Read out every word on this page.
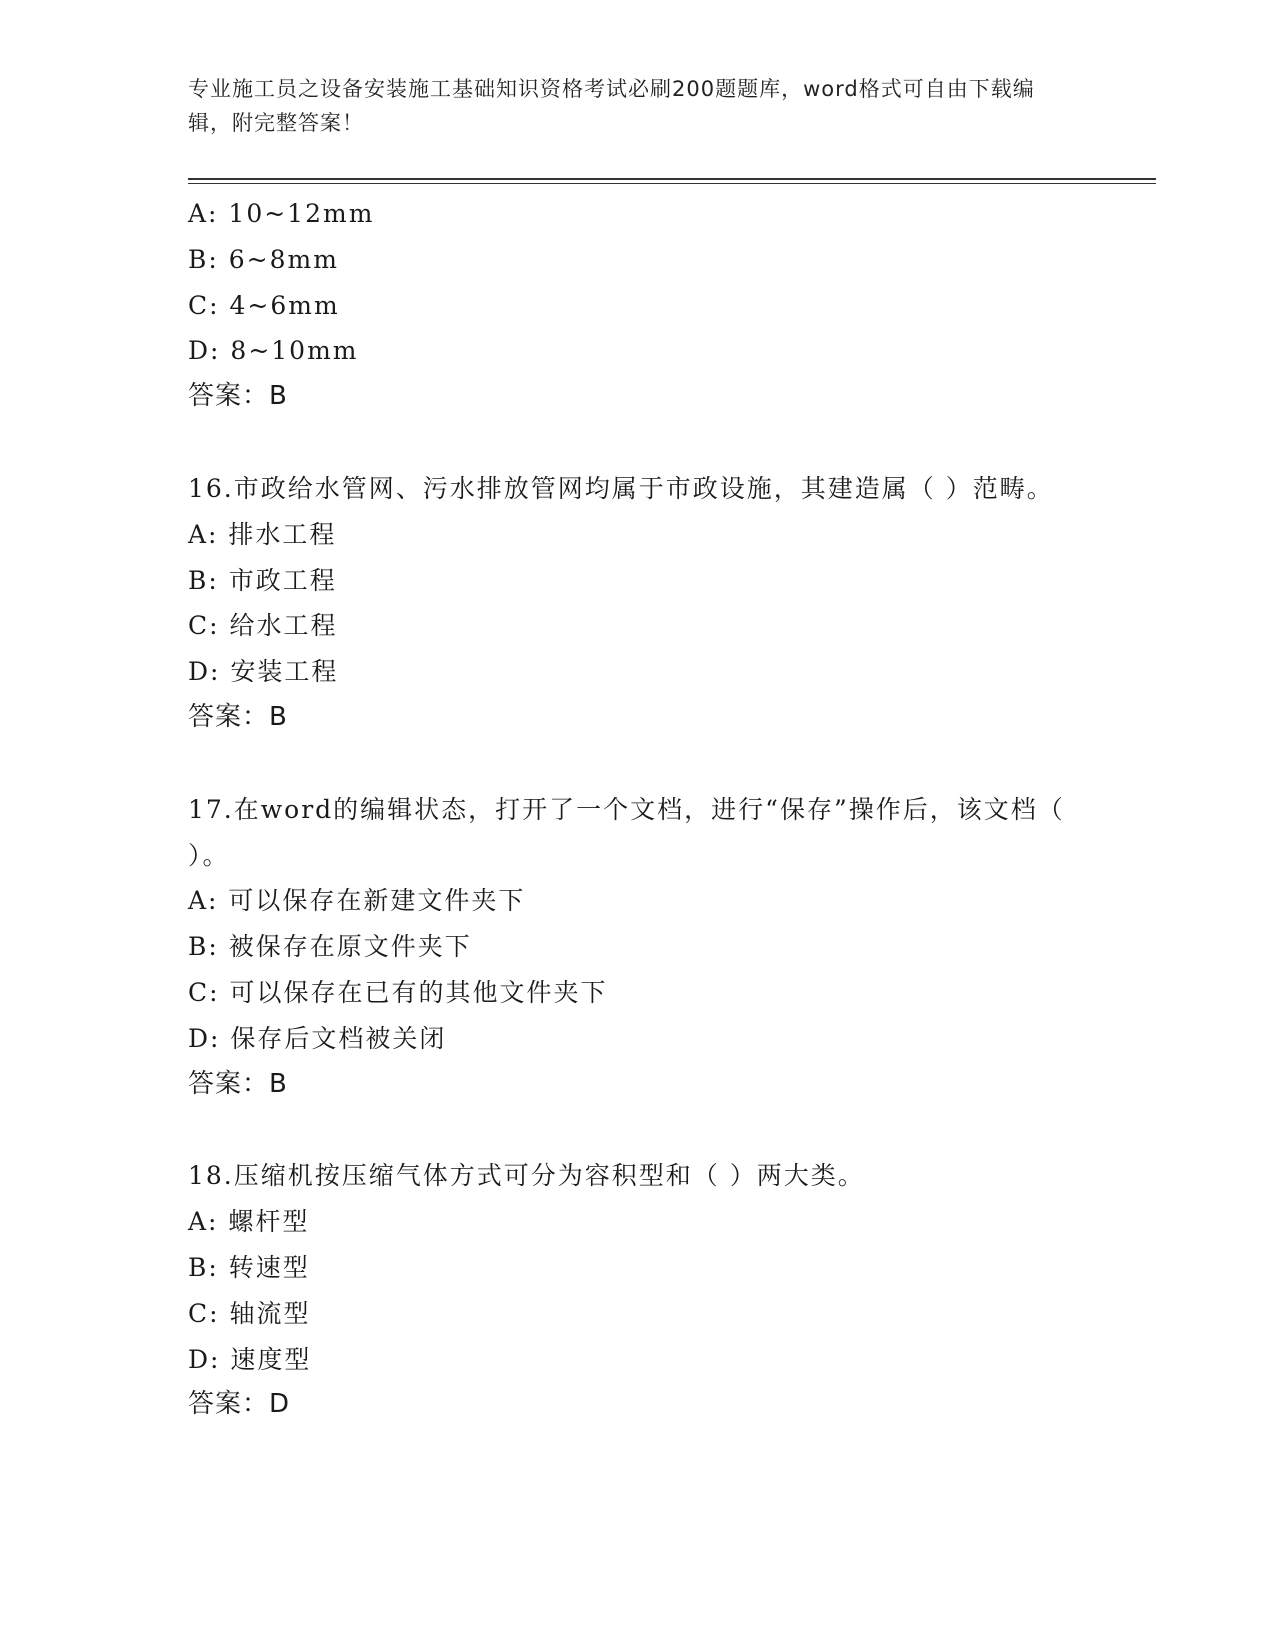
专业施工员之设备安装施工基础知识资格考试必刷200题题库，word格式可自由下载编辑，附完整答案！
A: 10~12mm
B: 6~8mm
C: 4~6mm
D: 8~10mm
答案：B
16.市政给水管网、污水排放管网均属于市政设施，其建造属（ ）范畴。
A: 排水工程
B: 市政工程
C: 给水工程
D: 安装工程
答案：B
17.在word的编辑状态，打开了一个文档，进行“保存”操作后，该文档（ ）。
A: 可以保存在新建文件夹下
B: 被保存在原文件夹下
C: 可以保存在已有的其他文件夹下
D: 保存后文档被关闭
答案：B
18.压缩机按压缩气体方式可分为容积型和（ ）两大类。
A: 螺杆型
B: 转速型
C: 轴流型
D: 速度型
答案：D
